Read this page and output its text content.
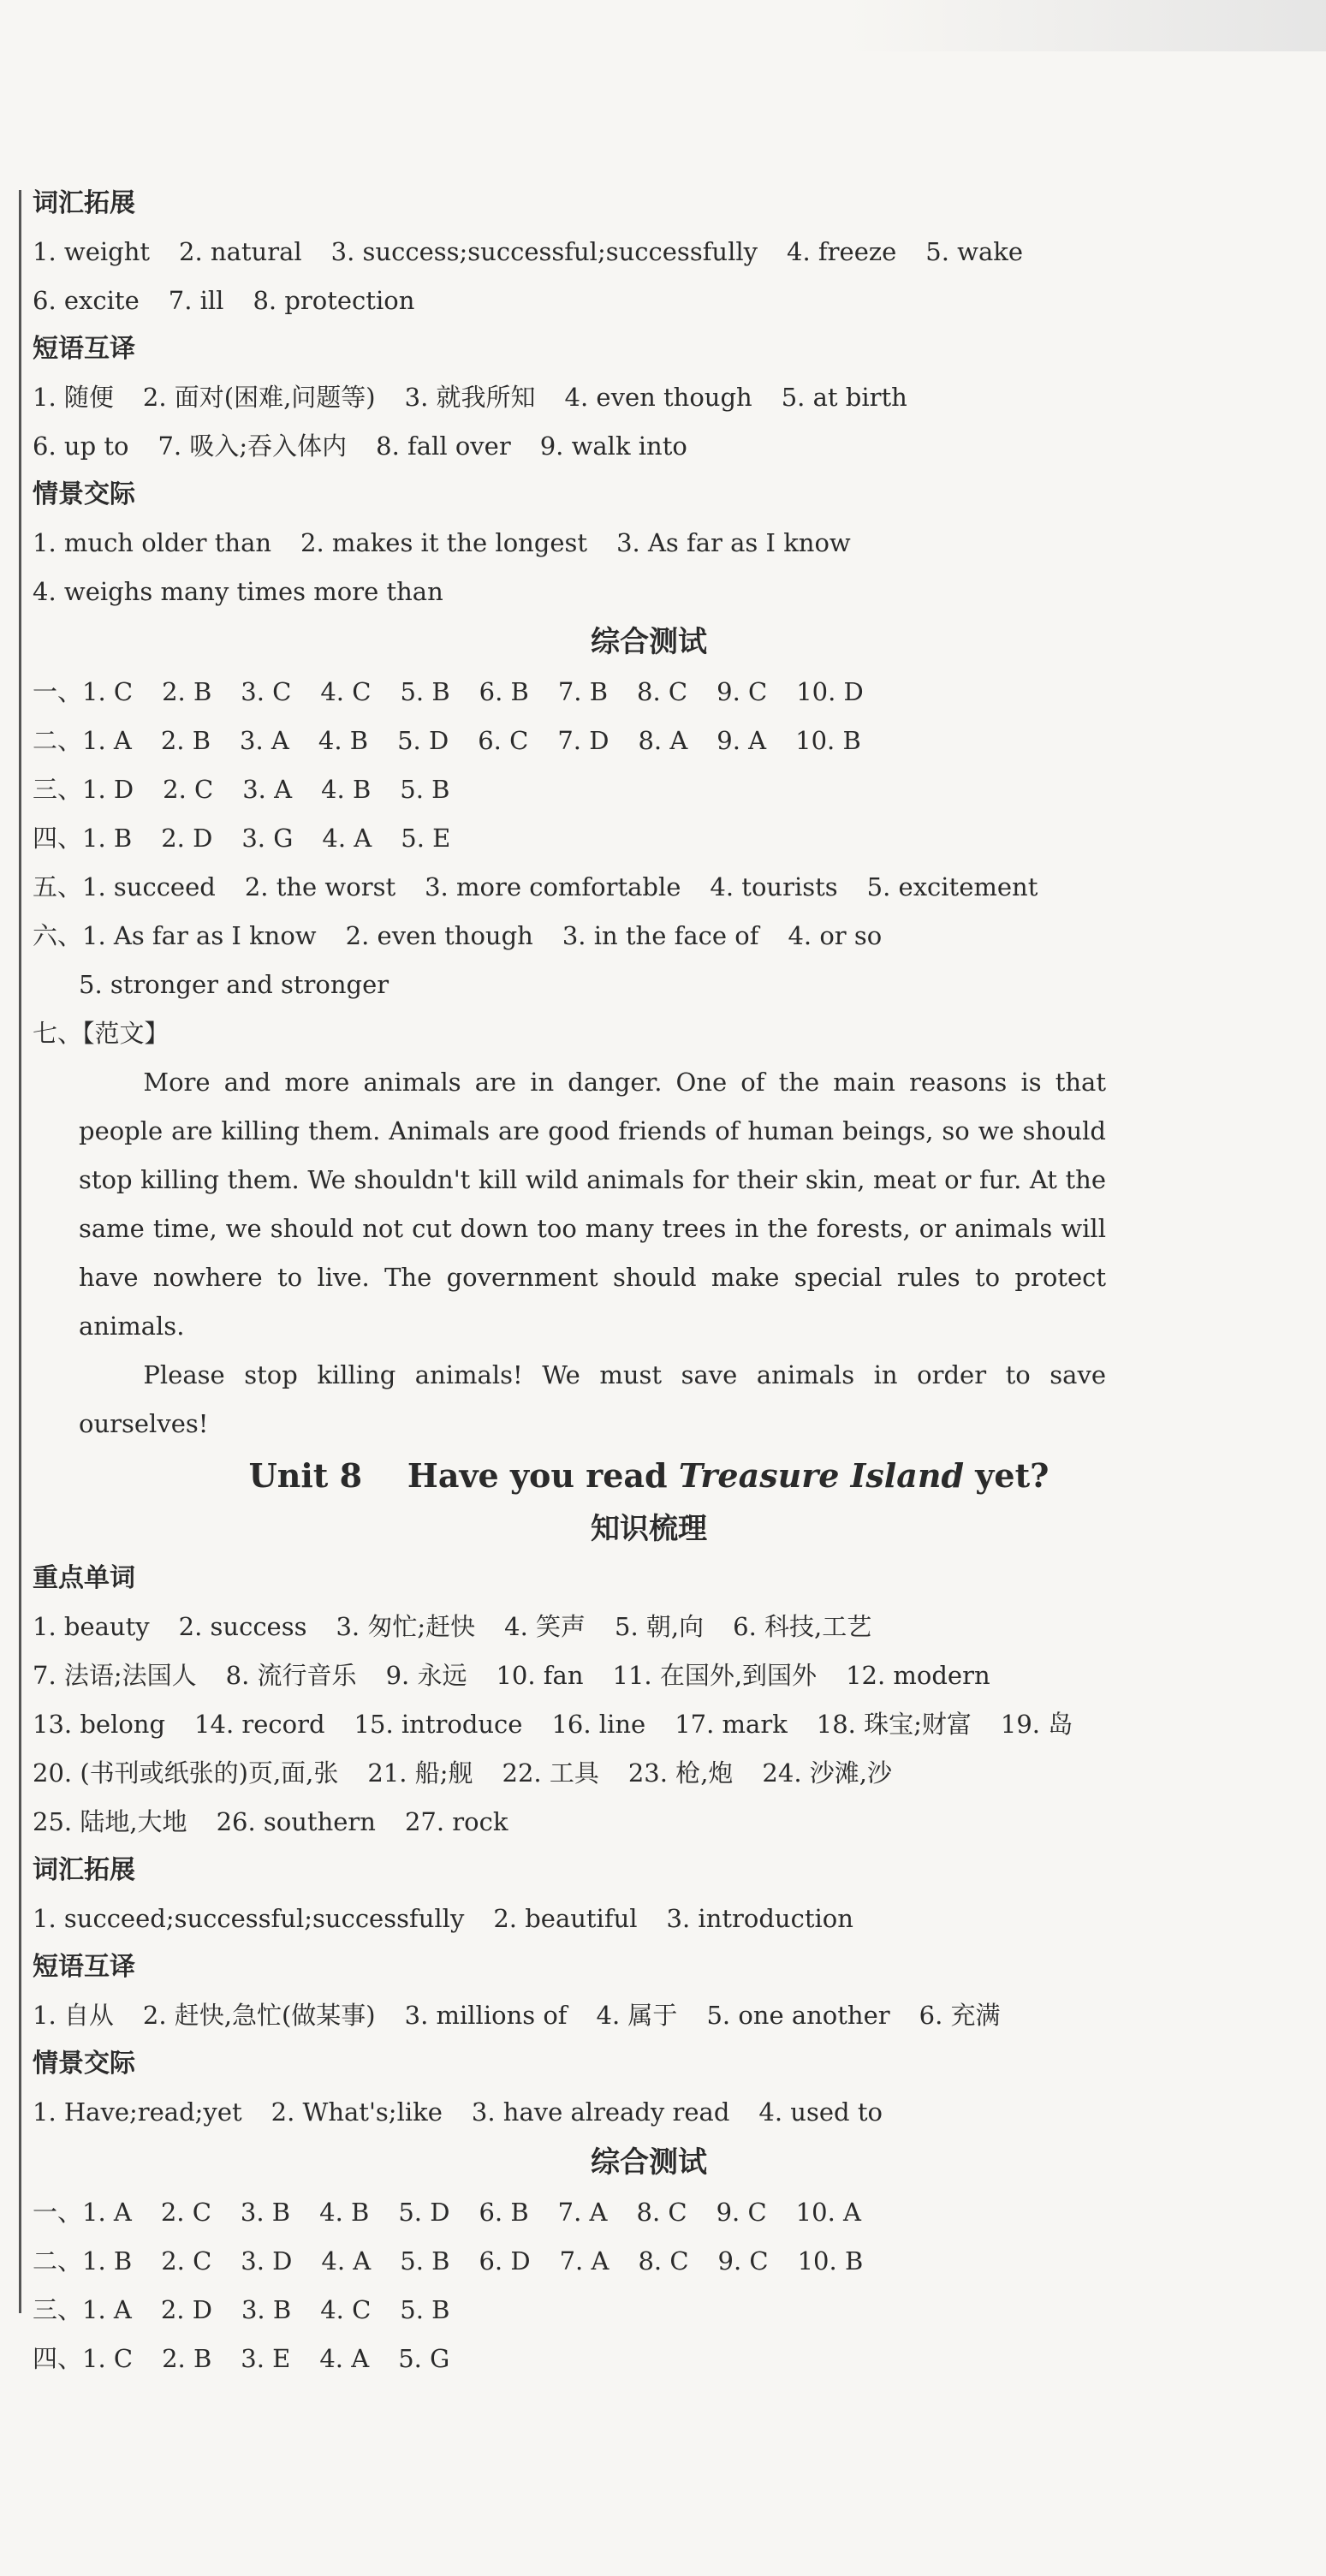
词汇拓展
1. weight 2. natural 3. success;successful;successfully 4. freeze 5. wake
6. excite 7. ill 8. protection
短语互译
1. 随便 2. 面对(困难,问题等) 3. 就我所知 4. even though 5. at birth
6. up to 7. 吸入;吞入体内 8. fall over 9. walk into
情景交际
1. much older than 2. makes it the longest 3. As far as I know
4. weighs many times more than
综合测试
一、1. C 2. B 3. C 4. C 5. B 6. B 7. B 8. C 9. C 10. D
二、1. A 2. B 3. A 4. B 5. D 6. C 7. D 8. A 9. A 10. B
三、1. D 2. C 3. A 4. B 5. B
四、1. B 2. D 3. G 4. A 5. E
五、1. succeed 2. the worst 3. more comfortable 4. tourists 5. excitement
六、1. As far as I know 2. even though 3. in the face of 4. or so
5. stronger and stronger
七、【范文】
More and more animals are in danger. One of the main reasons is that people are killing them. Animals are good friends of human beings, so we should stop killing them. We shouldn't kill wild animals for their skin, meat or fur. At the same time, we should not cut down too many trees in the forests, or animals will have nowhere to live. The government should make special rules to protect animals.
Please stop killing animals! We must save animals in order to save ourselves!
Unit 8    Have you read Treasure Island yet?
知识梳理
重点单词
1. beauty 2. success 3. 匆忙;赶快 4. 笑声 5. 朝,向 6. 科技,工艺
7. 法语;法国人 8. 流行音乐 9. 永远 10. fan 11. 在国外,到国外 12. modern
13. belong 14. record 15. introduce 16. line 17. mark 18. 珠宝;财富 19. 岛
20. (书刊或纸张的)页,面,张 21. 船;舰 22. 工具 23. 枪,炮 24. 沙滩,沙
25. 陆地,大地 26. southern 27. rock
词汇拓展
1. succeed;successful;successfully 2. beautiful 3. introduction
短语互译
1. 自从 2. 赶快,急忙(做某事) 3. millions of 4. 属于 5. one another 6. 充满
情景交际
1. Have;read;yet 2. What's;like 3. have already read 4. used to
综合测试
一、1. A 2. C 3. B 4. B 5. D 6. B 7. A 8. C 9. C 10. A
二、1. B 2. C 3. D 4. A 5. B 6. D 7. A 8. C 9. C 10. B
三、1. A 2. D 3. B 4. C 5. B
四、1. C 2. B 3. E 4. A 5. G
